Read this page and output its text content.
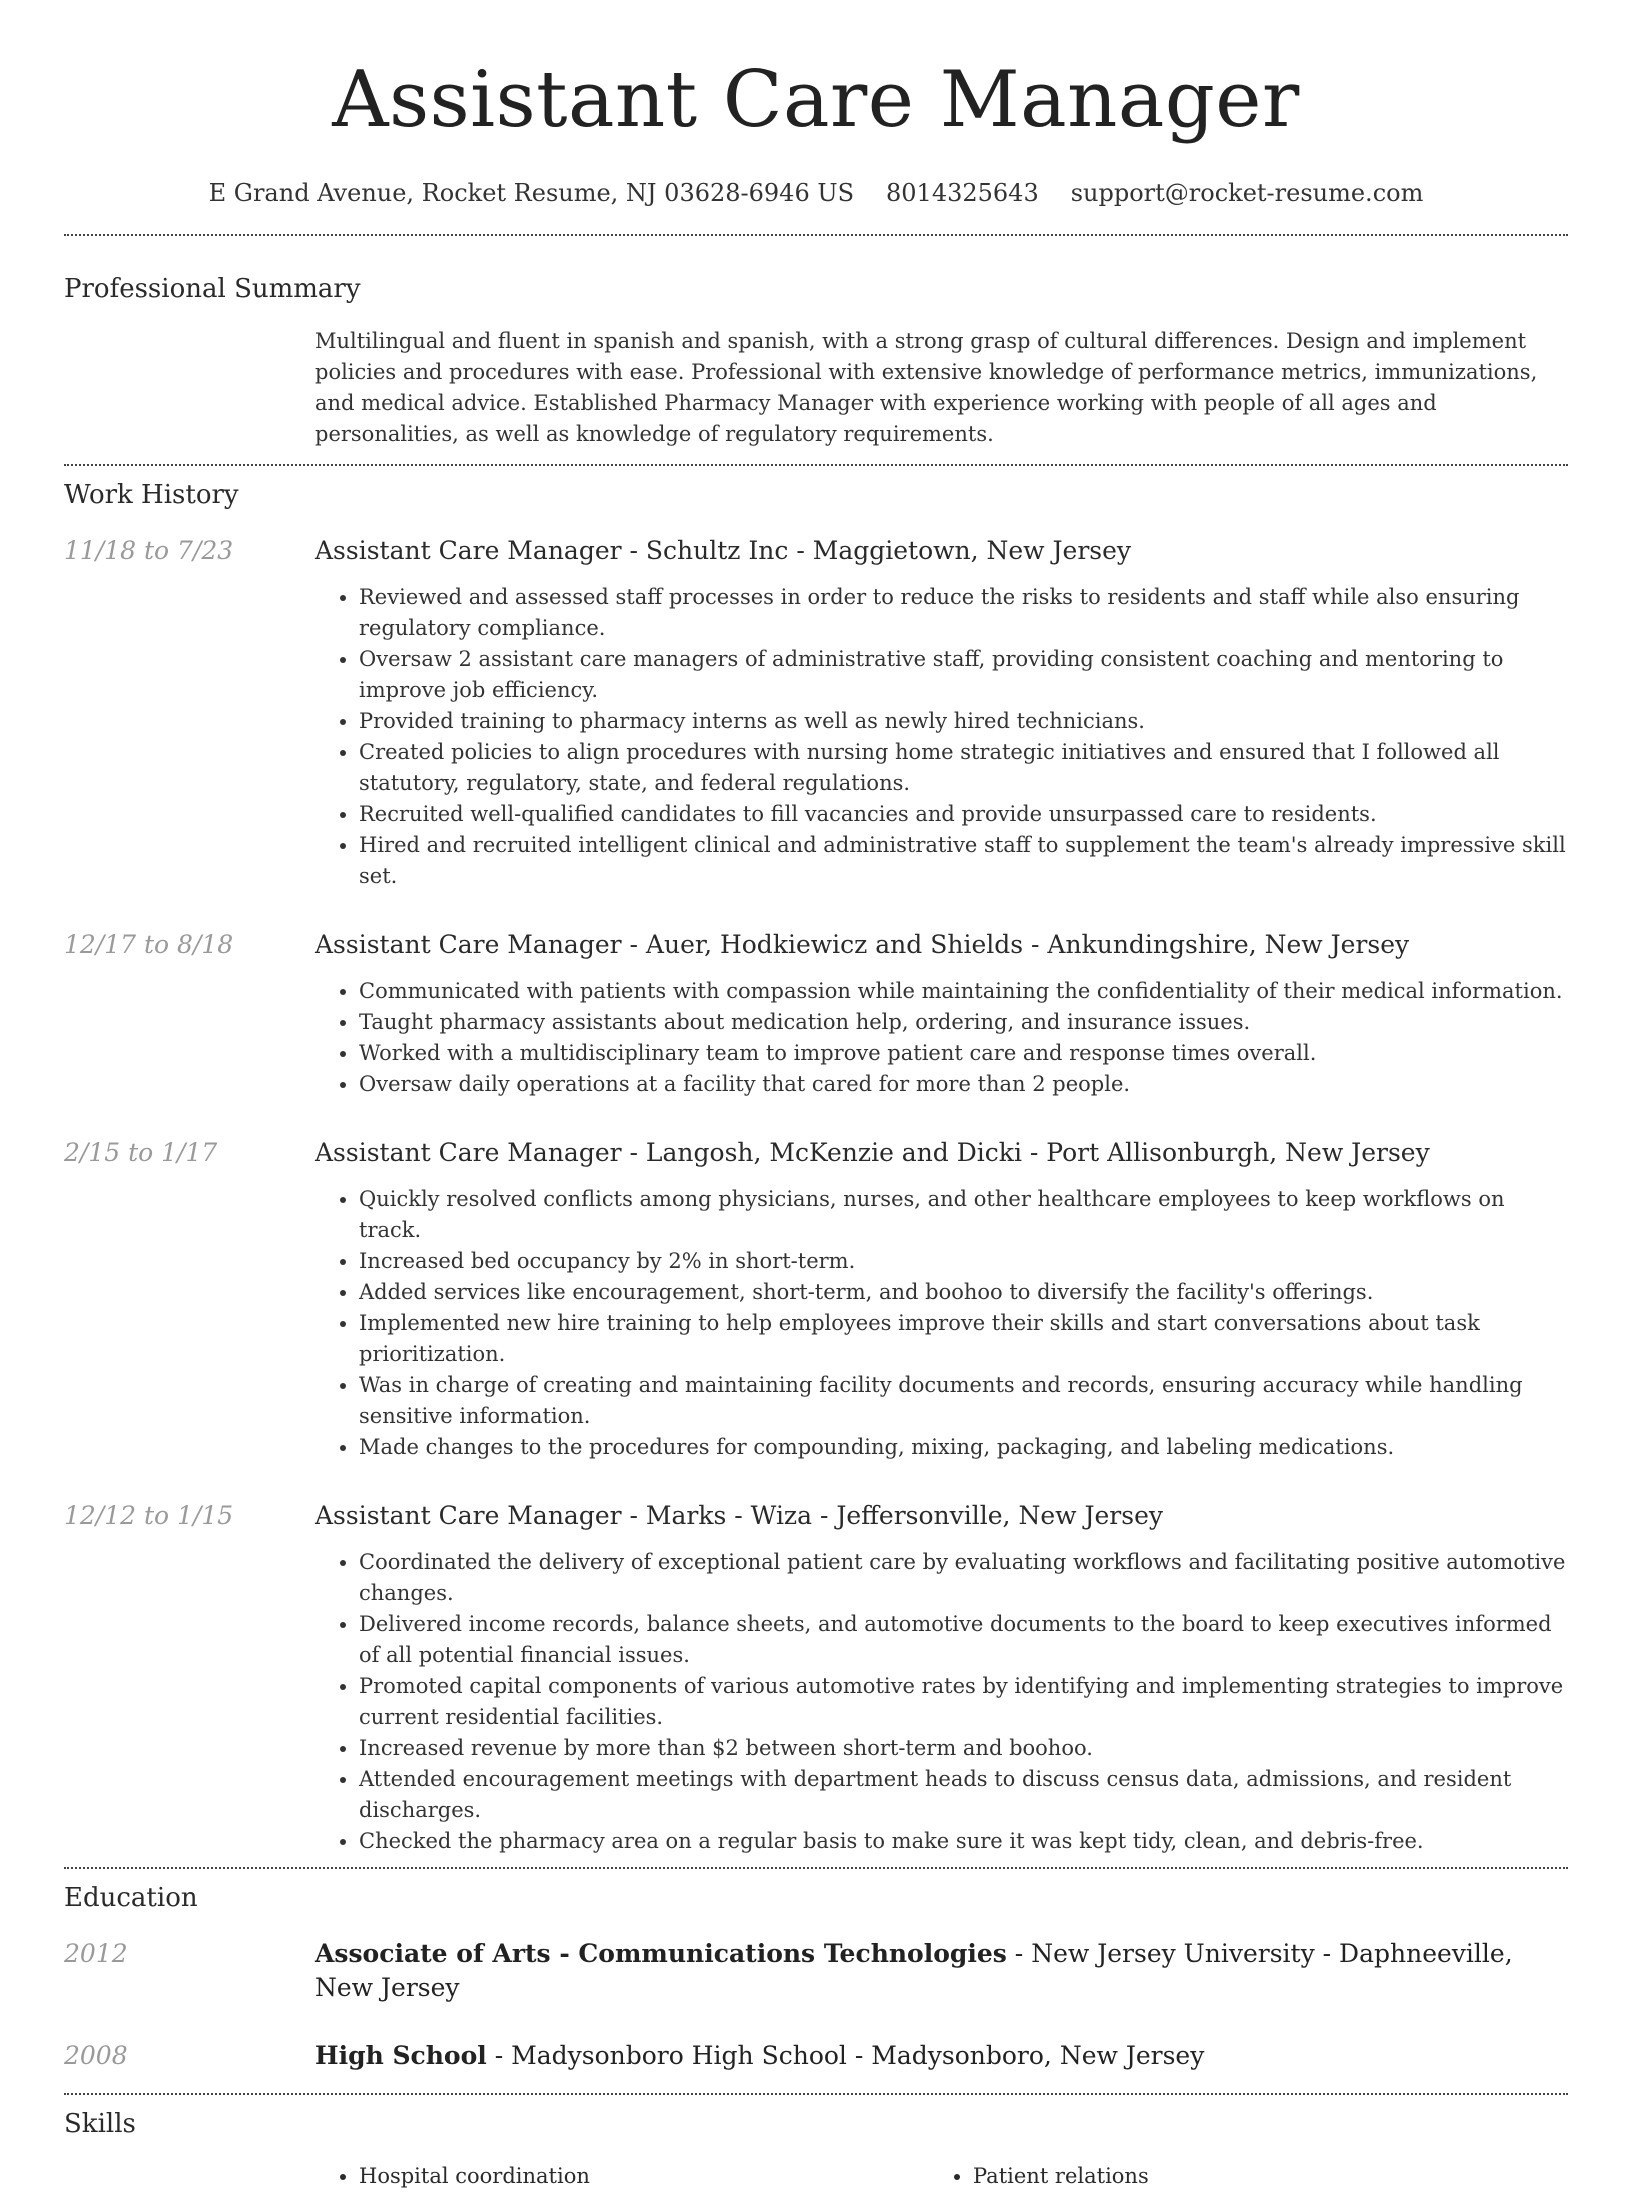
Assistant Care Manager
E Grand Avenue, Rocket Resume, NJ 03628-6946 US 8014325643 support@rocket-resume.com
Professional Summary

Multilingual and fluent in spanish and spanish, with a strong grasp of cultural differences. Design and implement policies and procedures with ease. Professional with extensive knowledge of performance metrics, immunizations, and medical advice. Established Pharmacy Manager with experience working with people of all ages and personalities, as well as knowledge of regulatory requirements.

Work History
11/18 to 7/23	Assistant Care Manager - Schultz Inc - Maggietown, New Jersey
• Reviewed and assessed staff processes in order to reduce the risks to residents and staff while also ensuring regulatory compliance.
• Oversaw 2 assistant care managers of administrative staff, providing consistent coaching and mentoring to improve job efficiency.
• Provided training to pharmacy interns as well as newly hired technicians.
• Created policies to align procedures with nursing home strategic initiatives and ensured that I followed all statutory, regulatory, state, and federal regulations.
• Recruited well-qualified candidates to fill vacancies and provide unsurpassed care to residents.
• Hired and recruited intelligent clinical and administrative staff to supplement the team's already impressive skill set.
12/17 to 8/18	Assistant Care Manager - Auer, Hodkiewicz and Shields - Ankundingshire, New Jersey
• Communicated with patients with compassion while maintaining the confidentiality of their medical information.
• Taught pharmacy assistants about medication help, ordering, and insurance issues.
• Worked with a multidisciplinary team to improve patient care and response times overall.
• Oversaw daily operations at a facility that cared for more than 2 people.
2/15 to 1/17	Assistant Care Manager - Langosh, McKenzie and Dicki - Port Allisonburgh, New Jersey
• Quickly resolved conflicts among physicians, nurses, and other healthcare employees to keep workflows on track.
• Increased bed occupancy by 2% in short-term.
• Added services like encouragement, short-term, and boohoo to diversify the facility's offerings.
• Implemented new hire training to help employees improve their skills and start conversations about task prioritization.
• Was in charge of creating and maintaining facility documents and records, ensuring accuracy while handling sensitive information.
• Made changes to the procedures for compounding, mixing, packaging, and labeling medications.
12/12 to 1/15	Assistant Care Manager - Marks - Wiza - Jeffersonville, New Jersey
• Coordinated the delivery of exceptional patient care by evaluating workflows and facilitating positive automotive changes.
• Delivered income records, balance sheets, and automotive documents to the board to keep executives informed of all potential financial issues.
• Promoted capital components of various automotive rates by identifying and implementing strategies to improve current residential facilities.
• Increased revenue by more than $2 between short-term and boohoo.
• Attended encouragement meetings with department heads to discuss census data, admissions, and resident discharges.
• Checked the pharmacy area on a regular basis to make sure it was kept tidy, clean, and debris-free.
Education
2012	Associate of Arts - Communications Technologies - New Jersey University - Daphneeville, New Jersey
2008	High School - Madysonboro High School - Madysonboro, New Jersey
Skills
• Hospital coordination
•	Patient relations
